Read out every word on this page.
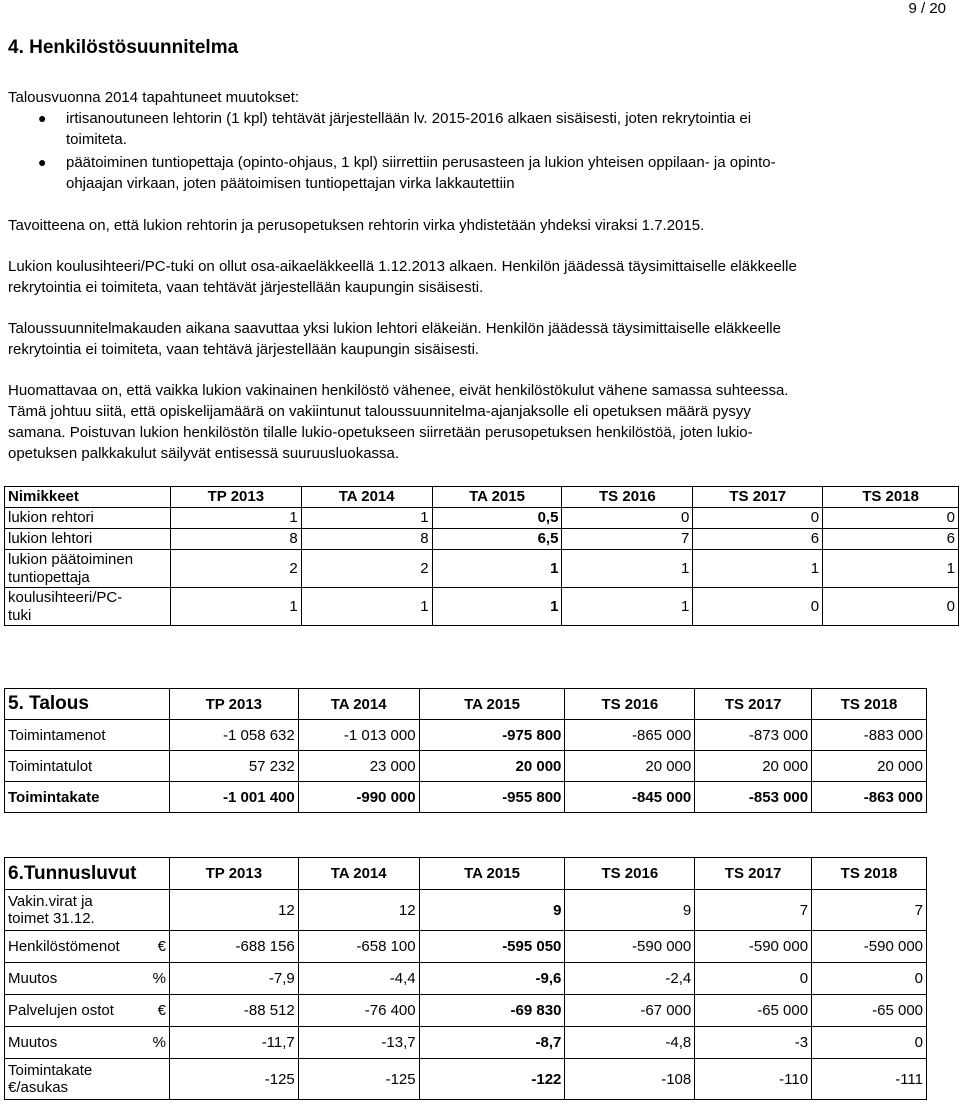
9 / 20
4. Henkilöstösuunnitelma
Talousvuonna 2014 tapahtuneet muutokset:
● irtisanoutuneen lehtorin (1 kpl) tehtävät järjestellään lv. 2015-2016 alkaen sisäisesti, joten rekrytointia ei
toimiteta.
● päätoiminen tuntiopettaja (opinto-ohjaus, 1 kpl) siirrettiin perusasteen ja lukion yhteisen oppilaan- ja opinto-
ohjaajan virkaan, joten päätoimisen tuntiopettajan virka lakkautettiin
Tavoitteena on, että lukion rehtorin ja perusopetuksen rehtorin virka yhdistetään yhdeksi viraksi 1.7.2015.
Lukion koulusihteeri/PC-tuki on ollut osa-aikaeläkkeellä 1.12.2013 alkaen. Henkilön jäädessä täysimittaiselle eläkkeelle
rekrytointia ei toimiteta, vaan tehtävät järjestellään kaupungin sisäisesti.
Taloussuunnitelmakauden aikana saavuttaa yksi lukion lehtori eläkeiän. Henkilön jäädessä täysimittaiselle eläkkeelle
rekrytointia ei toimiteta, vaan tehtävä järjestellään kaupungin sisäisesti.
Huomattavaa on, että vaikka lukion vakinainen henkilöstö vähenee, eivät henkilöstökulut vähene samassa suhteessa.
Tämä johtuu siitä, että opiskelijamäärä on vakiintunut taloussuunnitelma-ajanjaksolle eli opetuksen määrä pysyy
samana. Poistuvan lukion henkilöstön tilalle lukio-opetukseen siirretään perusopetuksen henkilöstöä, joten lukio-
opetuksen palkkakulut säilyvät entisessä suuruusluokassa.
Nimikkeet	TP 2013	TA 2014	TA 2015	TS 2016	TS 2017	TS 2018
lukion rehtori	1	1	0,5	0	0	0
lukion lehtori	8	8	6,5	7	6	6

lukion päätoiminen
tuntiopettaja	2	2	1	1	1	1

koulusihteeri/PC-
tuki	1	1	1	1	0	0
5. Talous	TP 2013	TA 2014	TA 2015	TS 2016	TS 2017	TS 2018
Toimintamenot	-1 058 632	-1 013 000	-975 800	-865 000	-873 000	-883 000
Toimintatulot	57 232	23 000	20 000	20 000	20 000	20 000
Toimintakate	-1 001 400	-990 000	-955 800	-845 000	-853 000	-863 000
6.Tunnusluvut	TP 2013	TA 2014	TA 2015	TS 2016	TS 2017	TS 2018

Vakin.virat ja
toimet 31.12.	12	12	9	9	7	7

Henkilöstömenot €	-688 156	-658 100	-595 050	-590 000	-590 000	-590 000

Muutos %	-7,9	-4,4	-9,6	-2,4	0	0

Palvelujen ostot €	-88 512	-76 400	-69 830	-67 000	-65 000	-65 000

Muutos %	-11,7	-13,7	-8,7	-4,8	-3	0

Toimintakate
€/asukas	-125	-125	-122	-108	-110	-111
